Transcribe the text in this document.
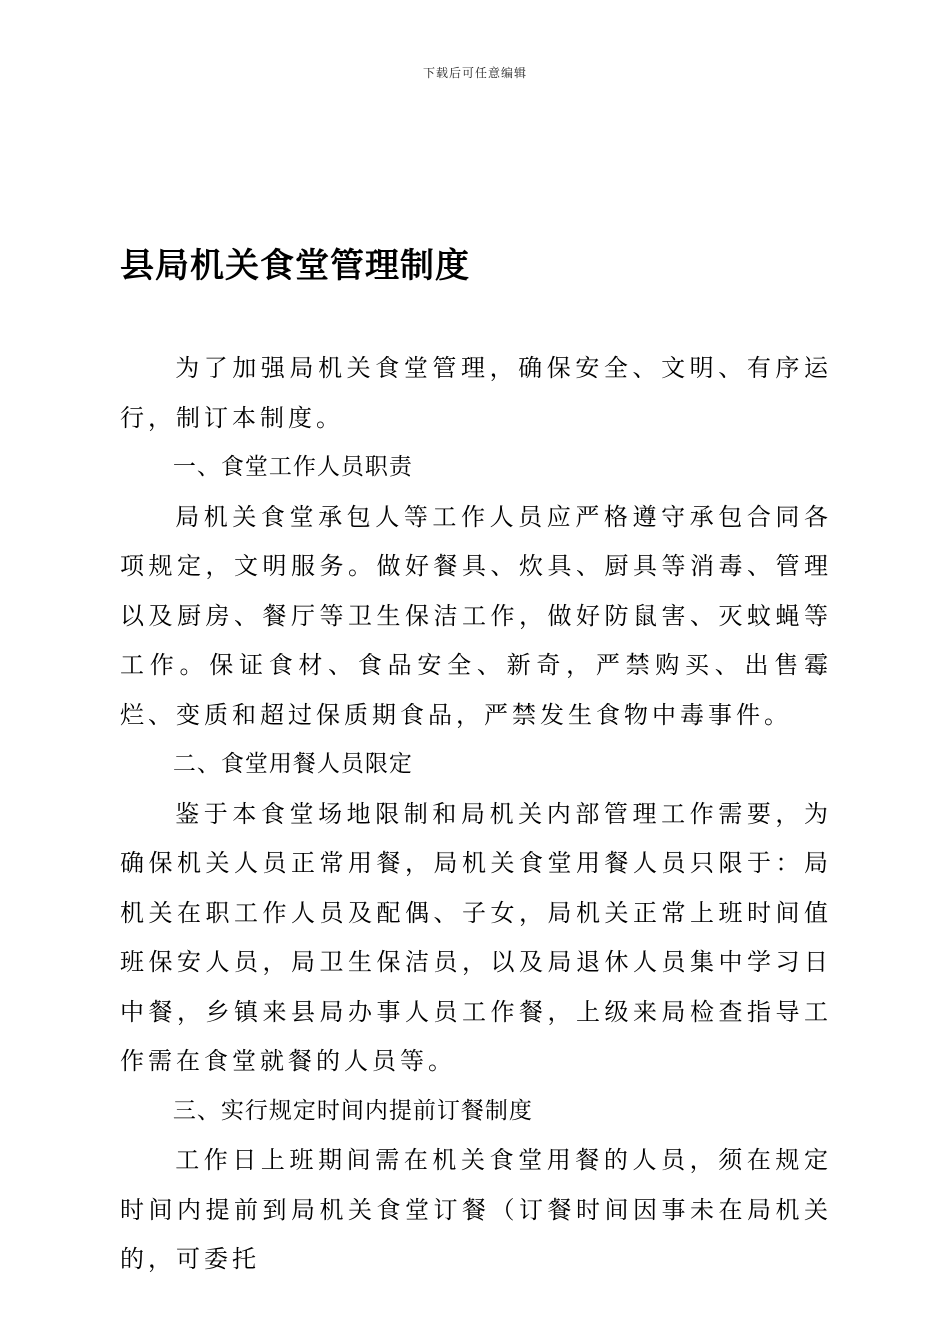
下载后可任意编辑
县局机关食堂管理制度

为了加强局机关食堂管理，确保安全、文明、有序运行，制订本制度。

一、食堂工作人员职责

局机关食堂承包人等工作人员应严格遵守承包合同各项规定，文明服务。做好餐具、炊具、厨具等消毒、管理以及厨房、餐厅等卫生保洁工作，做好防鼠害、灭蚊蝇等工作。保证食材、食品安全、新奇，严禁购买、出售霉烂、变质和超过保质期食品，严禁发生食物中毒事件。

二、食堂用餐人员限定

鉴于本食堂场地限制和局机关内部管理工作需要，为确保机关人员正常用餐，局机关食堂用餐人员只限于：局机关在职工作人员及配偶、子女，局机关正常上班时间值班保安人员，局卫生保洁员，以及局退休人员集中学习日中餐，乡镇来县局办事人员工作餐，上级来局检查指导工作需在食堂就餐的人员等。

三、实行规定时间内提前订餐制度

工作日上班期间需在机关食堂用餐的人员，须在规定时间内提前到局机关食堂订餐（订餐时间因事未在局机关的，可委托
